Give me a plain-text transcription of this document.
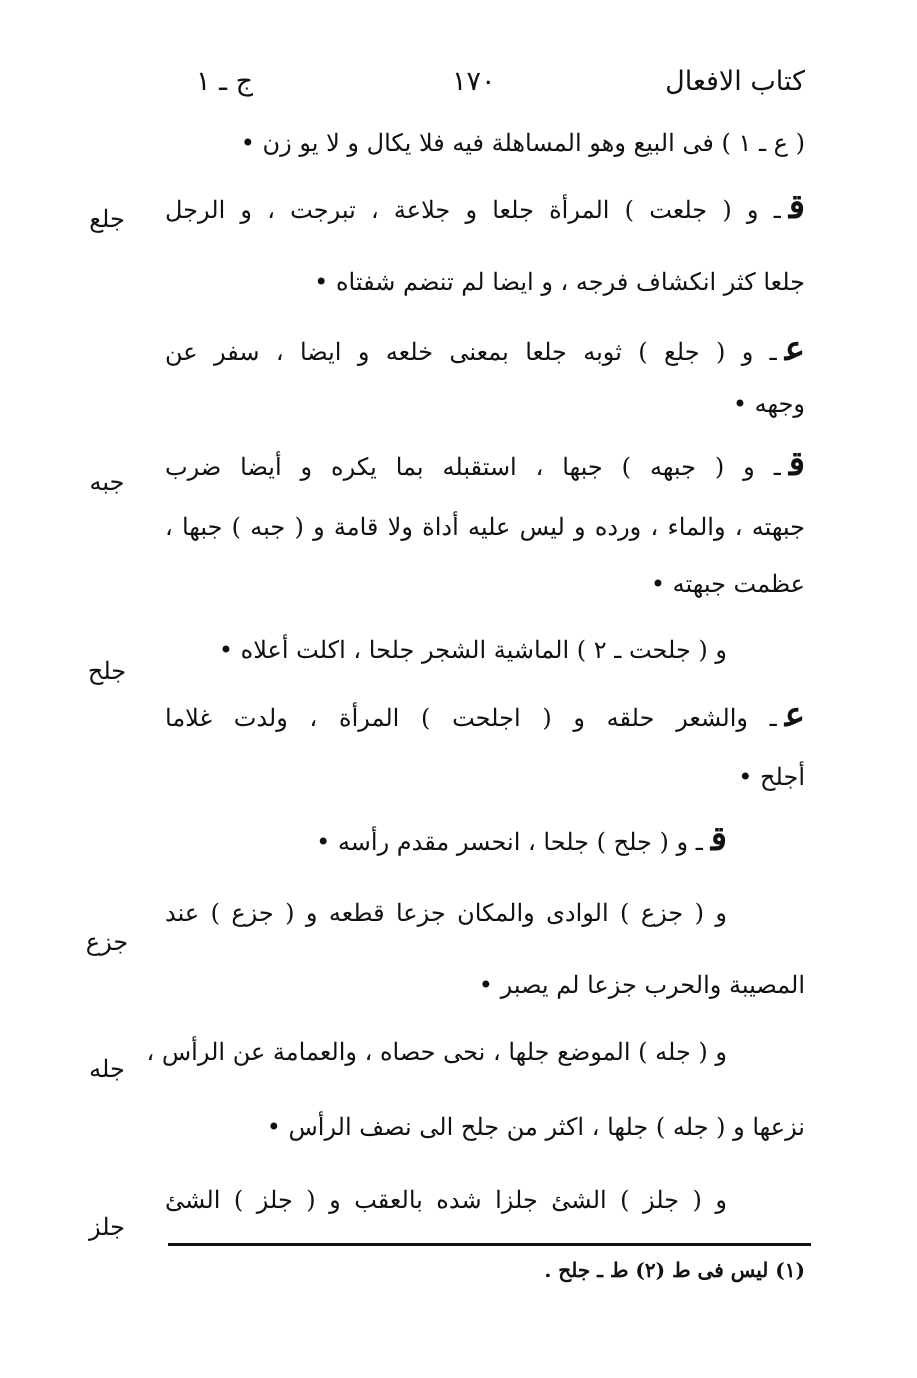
كتاب الافعال
١٧٠
ج ـ ١
جلع
جبه
جلح
جزع
جله
جلز
( ع ـ ١ ) فى البيع وهو المساهلة فيه فلا يكال و لا يو زن •
قـ و ( جلعت ) المرأة جلعا و جلاعة ، تبرجت ، و الرجل
جلعا كثر انكشاف فرجه ، و ايضا لم تنضم شفتاه •
عـ و ( جلع ) ثوبه جلعا بمعنى خلعه و ايضا ، سفر عن
وجهه •
قـ و ( جبهه ) جبها ، استقبله بما يكره و أيضا ضرب
جبهته ، والماء ، ورده و ليس عليه أداة ولا قامة و ( جبه ) جبها ،
عظمت جبهته •
و ( جلحت ـ ٢ ) الماشية الشجر جلحا ، اكلت أعلاه •
عـ والشعر حلقه و ( اجلحت ) المرأة ، ولدت غلاما
أجلح •
قـ و ( جلح ) جلحا ، انحسر مقدم رأسه •
و ( جزع ) الوادى والمكان جزعا قطعه و ( جزع ) عند
المصيبة والحرب جزعا لم يصبر •
و ( جله ) الموضع جلها ، نحى حصاه ، والعمامة عن الرأس ،
نزعها و ( جله ) جلها ، اكثر من جلح الى نصف الرأس •
و ( جلز ) الشئ جلزا شده بالعقب و ( جلز ) الشئ
(١) ليس فى ط (٢) ط ـ جلح .
